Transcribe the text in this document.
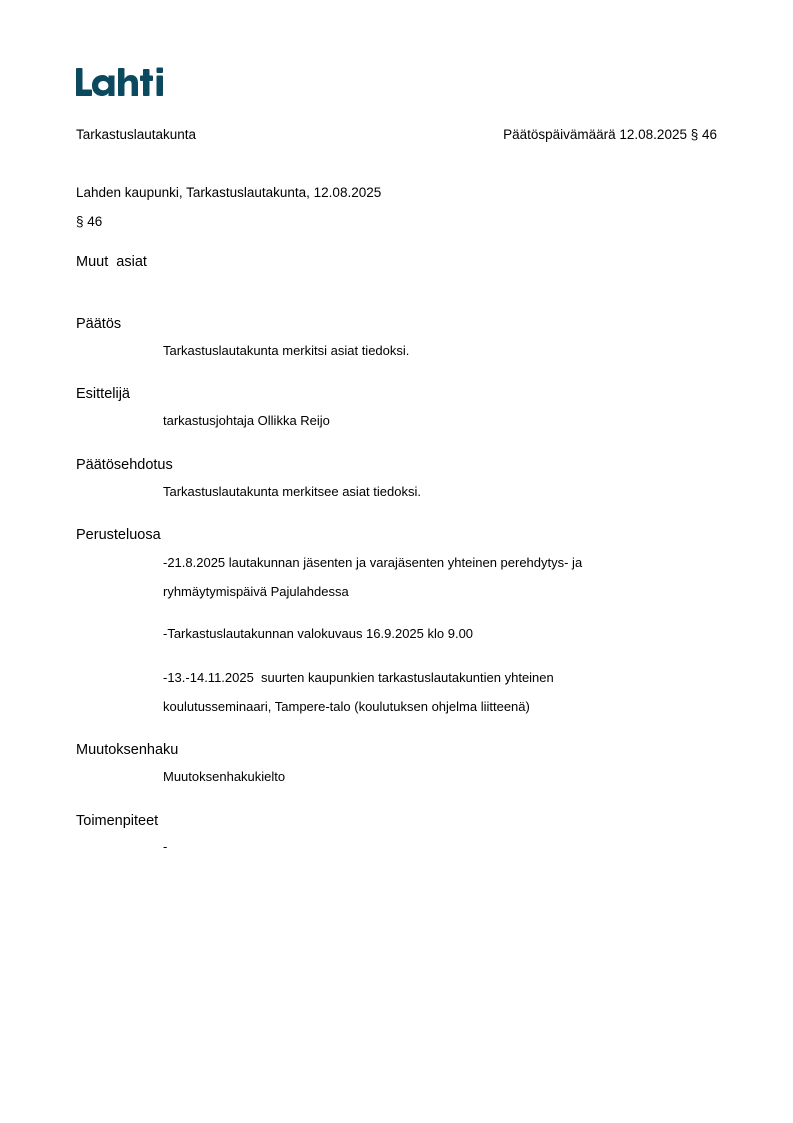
Tarkastuslautakunta	Päätöspäivämäärä 12.08.2025 § 46
Lahden kaupunki, Tarkastuslautakunta, 12.08.2025
§ 46
Muut  asiat
Päätös
Tarkastuslautakunta merkitsi asiat tiedoksi.
Esittelijä
tarkastusjohtaja Ollikka Reijo
Päätösehdotus
Tarkastuslautakunta merkitsee asiat tiedoksi.
Perusteluosa
-21.8.2025 lautakunnan jäsenten ja varajäsenten yhteinen perehdytys- ja
ryhmäytymispäivä Pajulahdessa
-Tarkastuslautakunnan valokuvaus 16.9.2025 klo 9.00
-13.-14.11.2025  suurten kaupunkien tarkastuslautakuntien yhteinen
koulutusseminaari, Tampere-talo (koulutuksen ohjelma liitteenä)
Muutoksenhaku
Muutoksenhakukielto
Toimenpiteet
-
